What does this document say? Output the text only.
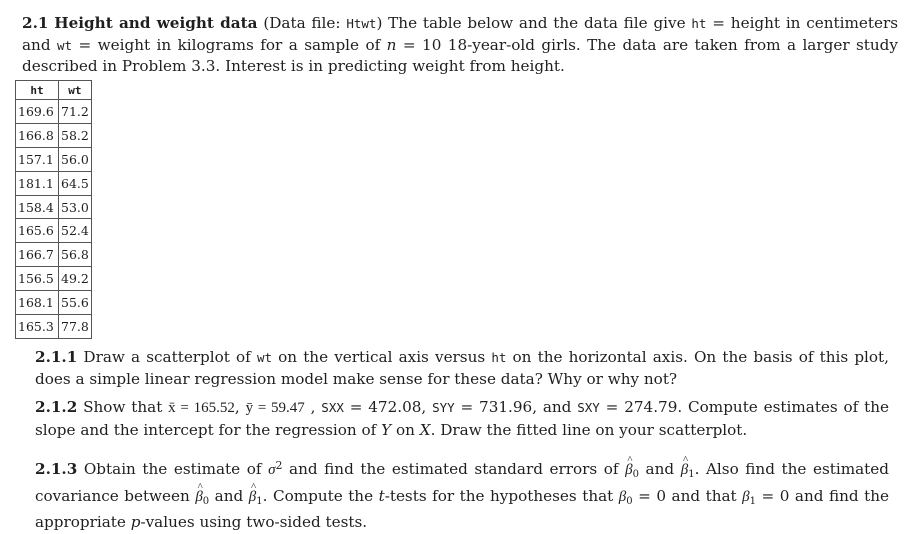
2.1 Height and weight data (Data file: Htwt) The table below and the data file give ht = height in centimeters and wt = weight in kilograms for a sample of n = 10 18-year-old girls. The data are taken from a larger study described in Problem 3.3. Interest is in predicting weight from height.
ht	wt
169.6	71.2
166.8	58.2
157.1	56.0
181.1	64.5
158.4	53.0
165.6	52.4
166.7	56.8
156.5	49.2
168.1	55.6
165.3	77.8
2.1.1 Draw a scatterplot of wt on the vertical axis versus ht on the horizontal axis. On the basis of this plot, does a simple linear regression model make sense for these data? Why or why not?
2.1.2 Show that x̄ = 165.52, ȳ = 59.47 , SXX = 472.08, SYY = 731.96, and SXY = 274.79. Compute estimates of the slope and the intercept for the regression of Y on X. Draw the fitted line on your scatterplot.
2.1.3 Obtain the estimate of $\sigma^2$ and find the estimated standard errors of ^ $\beta_0$ and ^ $\beta_1$. Also find the estimated covariance between ^ $\beta_0$ and ^ $\beta_1$. Compute the t-tests for the hypotheses that $\beta_0 = 0$ and that $\beta_1 = 0$ and find the appropriate p-values using two-sided tests.
